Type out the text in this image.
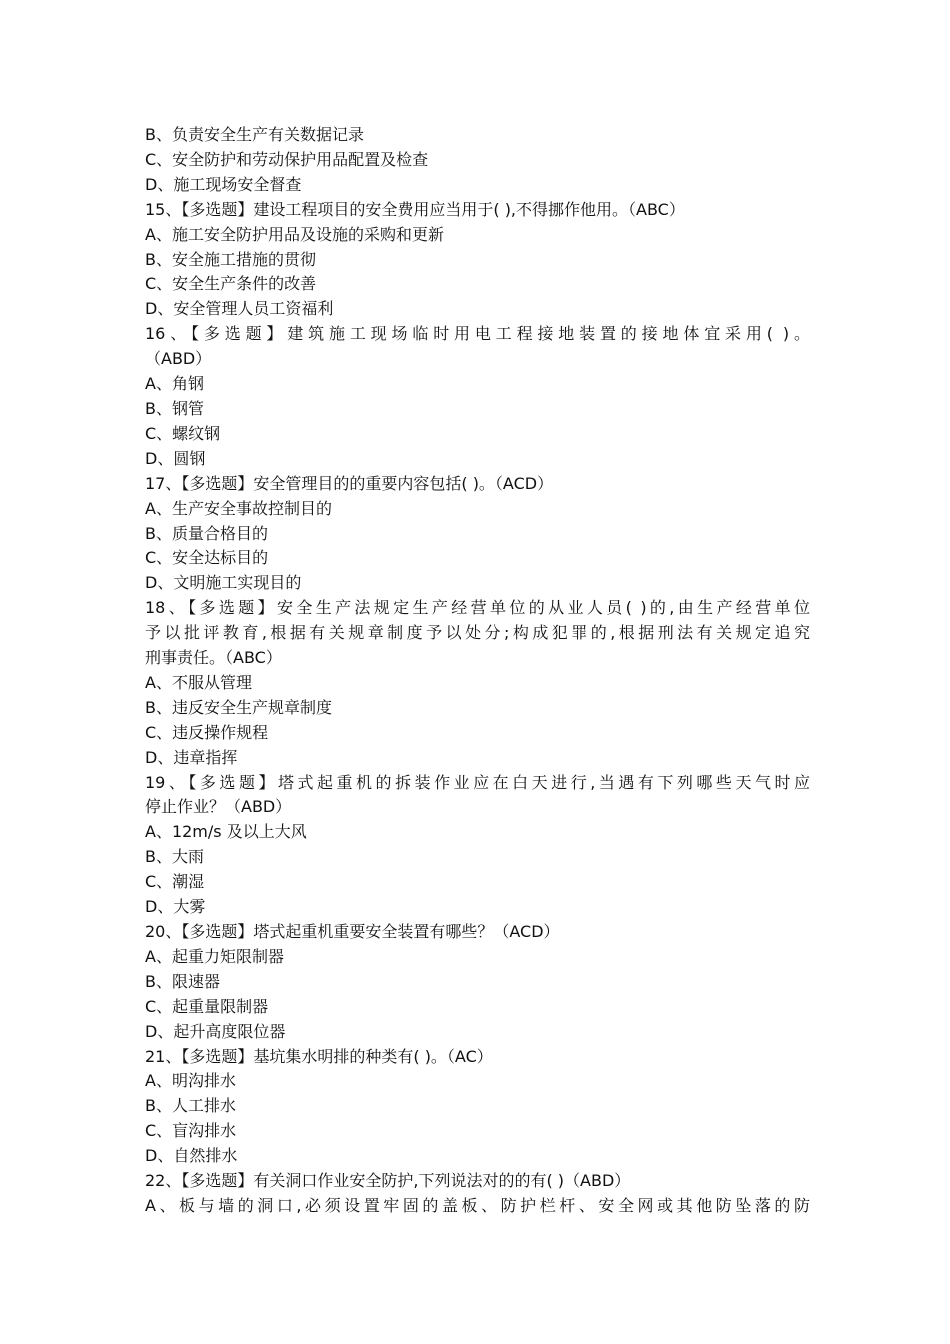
B、负责安全生产有关数据记录
C、安全防护和劳动保护用品配置及检查
D、施工现场安全督查
15、【多选题】建设工程项目的安全费用应当用于( ),不得挪作他用。（ABC）
A、施工安全防护用品及设施的采购和更新
B、安全施工措施的贯彻
C、安全生产条件的改善
D、安全管理人员工资福利
16、【多选题】建筑施工现场临时用电工程接地装置的接地体宜采用( )。
（ABD）
A、角钢
B、钢管
C、螺纹钢
D、圆钢
17、【多选题】安全管理目的的重要内容包括( )。（ACD）
A、生产安全事故控制目的
B、质量合格目的
C、安全达标目的
D、文明施工实现目的
18、【多选题】安全生产法规定生产经营单位的从业人员( )的,由生产经营单位
予以批评教育,根据有关规章制度予以处分;构成犯罪的,根据刑法有关规定追究
刑事责任。（ABC）
A、不服从管理
B、违反安全生产规章制度
C、违反操作规程
D、违章指挥
19、【多选题】塔式起重机的拆装作业应在白天进行,当遇有下列哪些天气时应
停止作业？（ABD）
A、12m/s 及以上大风
B、大雨
C、潮湿
D、大雾
20、【多选题】塔式起重机重要安全装置有哪些？（ACD）
A、起重力矩限制器
B、限速器
C、起重量限制器
D、起升高度限位器
21、【多选题】基坑集水明排的种类有( )。（AC）
A、明沟排水
B、人工排水
C、盲沟排水
D、自然排水
22、【多选题】有关洞口作业安全防护,下列说法对的的有( )（ABD）
A、板与墙的洞口,必须设置牢固的盖板、防护栏杆、安全网或其他防坠落的防
